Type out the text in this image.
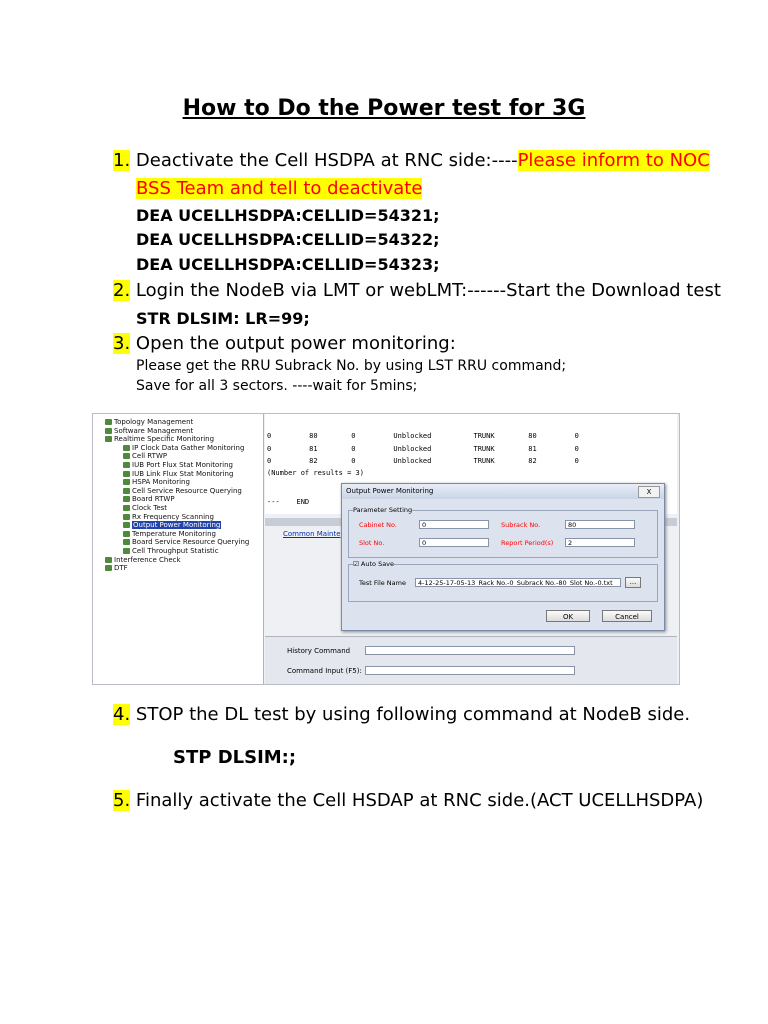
How to Do the Power test for 3G
1. Deactivate the Cell HSDPA at RNC side:----Please inform to NOC
BSS Team and tell to deactivate
DEA UCELLHSDPA:CELLID=54321;
DEA UCELLHSDPA:CELLID=54322;
DEA UCELLHSDPA:CELLID=54323;
2. Login the NodeB via LMT or webLMT:------Start the Download test
STR DLSIM: LR=99;
3. Open the output power monitoring:
Please get the RRU Subrack No. by using LST RRU command;
Save for all 3 sectors. ----wait for 5mins;
Topology Management
Software Management
Realtime Specific Monitoring
IP Clock Data Gather Monitoring
Cell RTWP
IUB Port Flux Stat Monitoring
IUB Link Flux Stat Monitoring
HSPA Monitoring
Cell Service Resource Querying
Board RTWP
Clock Test
Rx Frequency Scanning
Output Power Monitoring
Temperature Monitoring
Board Service Resource Querying
Cell Throughput Statistic
Interference Check
DTF
0         80        0         Unblocked          TRUNK        80         0
0         81        0         Unblocked          TRUNK        81         0
0         82        0         Unblocked          TRUNK        82         0
(Number of results = 3)
---    END
Common Mainte
Output Power Monitoring	X
Parameter Setting
Cabinet No.	0	Subrack No.	80
Slot No.	0	Report Period(s)	2
☑ Auto Save
Test File Name	4-12-25-17-05-13_Rack No.-0_Subrack No.-80_Slot No.-0.txt	...
OK	Cancel
History Command
Command Input (F5):
4. STOP the DL test by using following command at NodeB side.
STP DLSIM:;
5. Finally activate the Cell HSDAP at RNC side.(ACT UCELLHSDPA)
